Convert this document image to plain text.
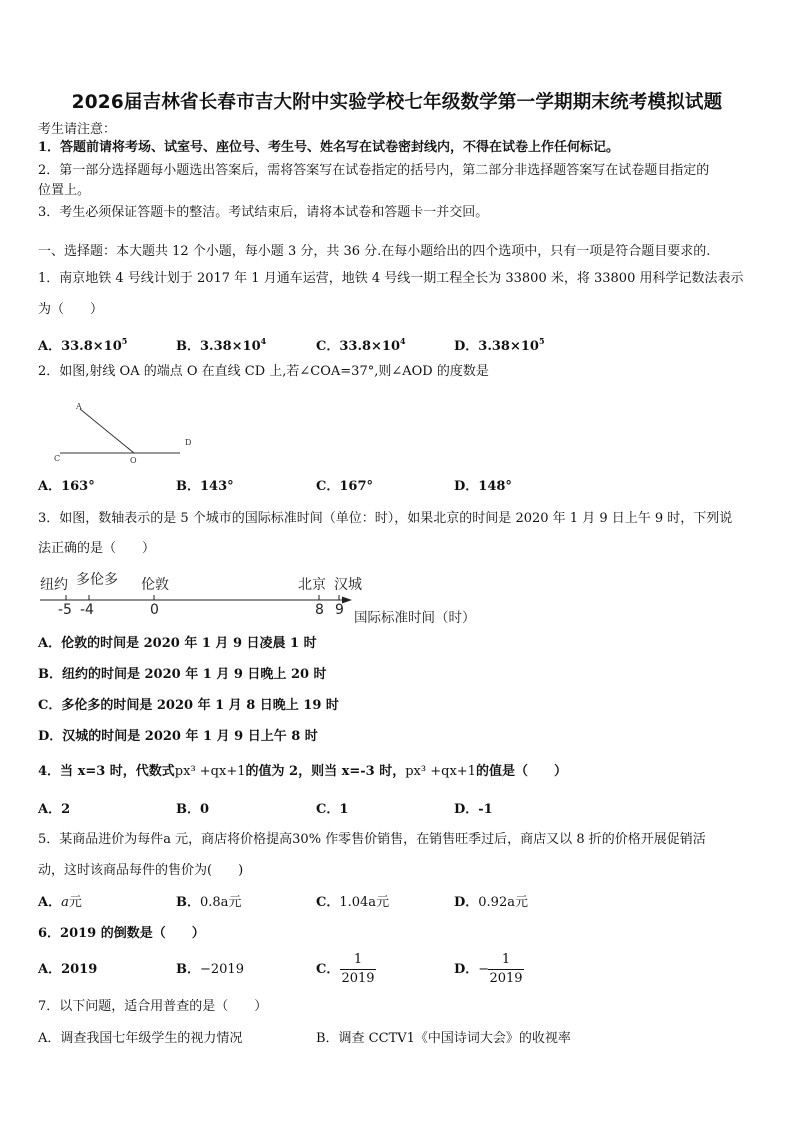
2026届吉林省长春市吉大附中实验学校七年级数学第一学期期末统考模拟试题
考生请注意：
1．答题前请将考场、试室号、座位号、考生号、姓名写在试卷密封线内，不得在试卷上作任何标记。
2．第一部分选择题每小题选出答案后，需将答案写在试卷指定的括号内，第二部分非选择题答案写在试卷题目指定的
位置上。
3．考生必须保证答题卡的整洁。考试结束后，请将本试卷和答题卡一并交回。
一、选择题：本大题共 12 个小题，每小题 3 分，共 36 分.在每小题给出的四个选项中，只有一项是符合题目要求的.
1．南京地铁 4 号线计划于 2017 年 1 月通车运营，地铁 4 号线一期工程全长为 33800 米，将 33800 用科学记数法表示
为（　　）
A．$33.8\times 10^5$	B．$3.38\times 10^4$	C．$33.8\times 10^4$	D．$3.38\times 10^5$
2．如图,射线 OA 的端点 O 在直线 CD 上,若∠COA=37°,则∠AOD 的度数是
A
C	O
D
A．163°	B．143°	C．167°	D．148°
3．如图，数轴表示的是 5 个城市的国际标准时间（单位：时），如果北京的时间是 2020 年 1 月 9 日上午 9 时，下列说
法正确的是（　　）
纽约 多伦多 伦敦	北京 汉城
-5 -4	0	8 9 国际标准时间（时）
A．伦敦的时间是 2020 年 1 月 9 日凌晨 1 时
B．纽约的时间是 2020 年 1 月 9 日晚上 20 时
C．多伦多的时间是 2020 年 1 月 8 日晚上 19 时
D．汉城的时间是 2020 年 1 月 9 日上午 8 时
4．当 x=3 时，代数式px³ +qx+1的值为 2，则当 x=-3 时，px³ +qx+1的值是（　　）
A．2	B．0	C．1	D．-1
5．某商品进价为每件a 元，商店将价格提高30% 作零售价销售，在销售旺季过后，商店又以 8 折的价格开展促销活
动，这时该商品每件的售价为(　　)
A．a元	B．0.8a元	C．1.04a元	D．0.92a元
6．2019 的倒数是（　　）
A．2019	B．−2019	C．
1
2019
D．−
1
2019
7．以下问题，适合用普查的是（　　）
A．调查我国七年级学生的视力情况	B．调查 CCTV1《中国诗词大会》的收视率
